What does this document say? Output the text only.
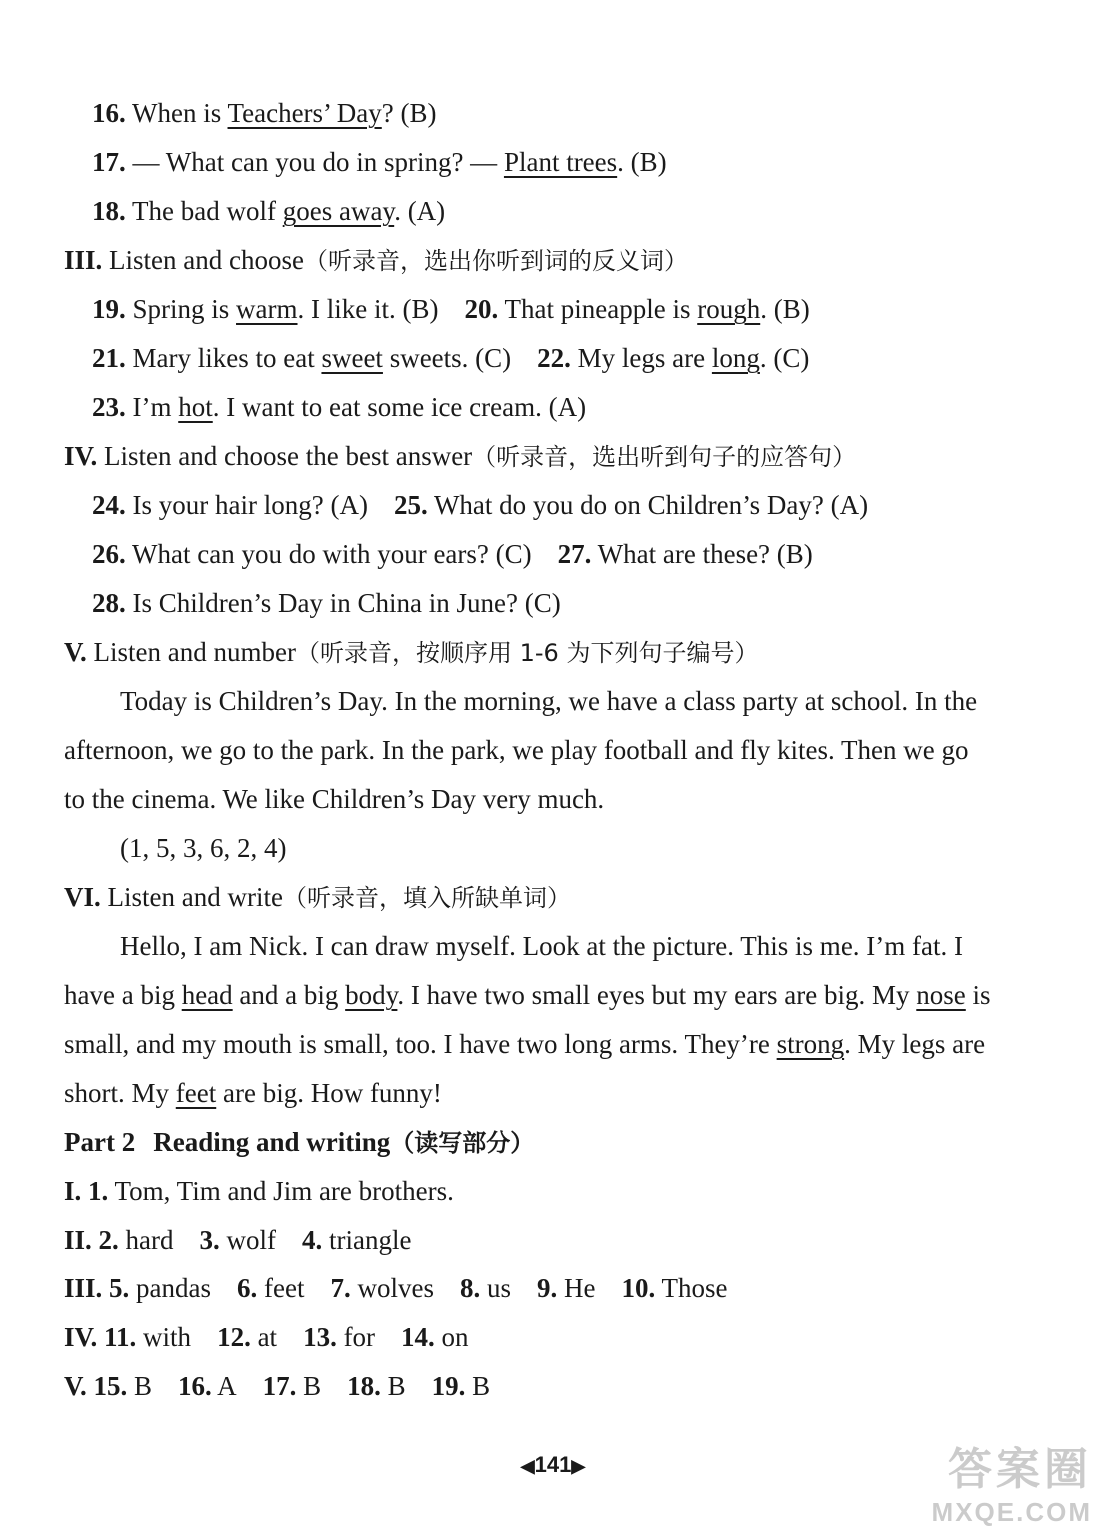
16. When is Teachers’ Day? (B)
17. — What can you do in spring? — Plant trees. (B)
18. The bad wolf goes away. (A)
III. Listen and choose（听录音，选出你听到词的反义词）
19. Spring is warm. I like it. (B) 20. That pineapple is rough. (B)
21. Mary likes to eat sweet sweets. (C) 22. My legs are long. (C)
23. I’m hot. I want to eat some ice cream. (A)
IV. Listen and choose the best answer（听录音，选出听到句子的应答句）
24. Is your hair long? (A) 25. What do you do on Children’s Day? (A)
26. What can you do with your ears? (C) 27. What are these? (B)
28. Is Children’s Day in China in June? (C)
V. Listen and number（听录音，按顺序用 1-6 为下列句子编号）
Today is Children’s Day. In the morning, we have a class party at school. In the
afternoon, we go to the park. In the park, we play football and fly kites. Then we go
to the cinema. We like Children’s Day very much.
(1, 5, 3, 6, 2, 4)
VI. Listen and write（听录音，填入所缺单词）
Hello, I am Nick. I can draw myself. Look at the picture. This is me. I’m fat. I
have a big head and a big body. I have two small eyes but my ears are big. My nose is
small, and my mouth is small, too. I have two long arms. They’re strong. My legs are
short. My feet are big. How funny!
Part 2 Reading and writing（读写部分）
I. 1. Tom, Tim and Jim are brothers.
II. 2. hard 3. wolf 4. triangle
III. 5. pandas 6. feet 7. wolves 8. us 9. He 10. Those
IV. 11. with 12. at 13. for 14. on
V. 15. B 16. A 17. B 18. B 19. B
◀141▶	答案圈
MXQE.COM
